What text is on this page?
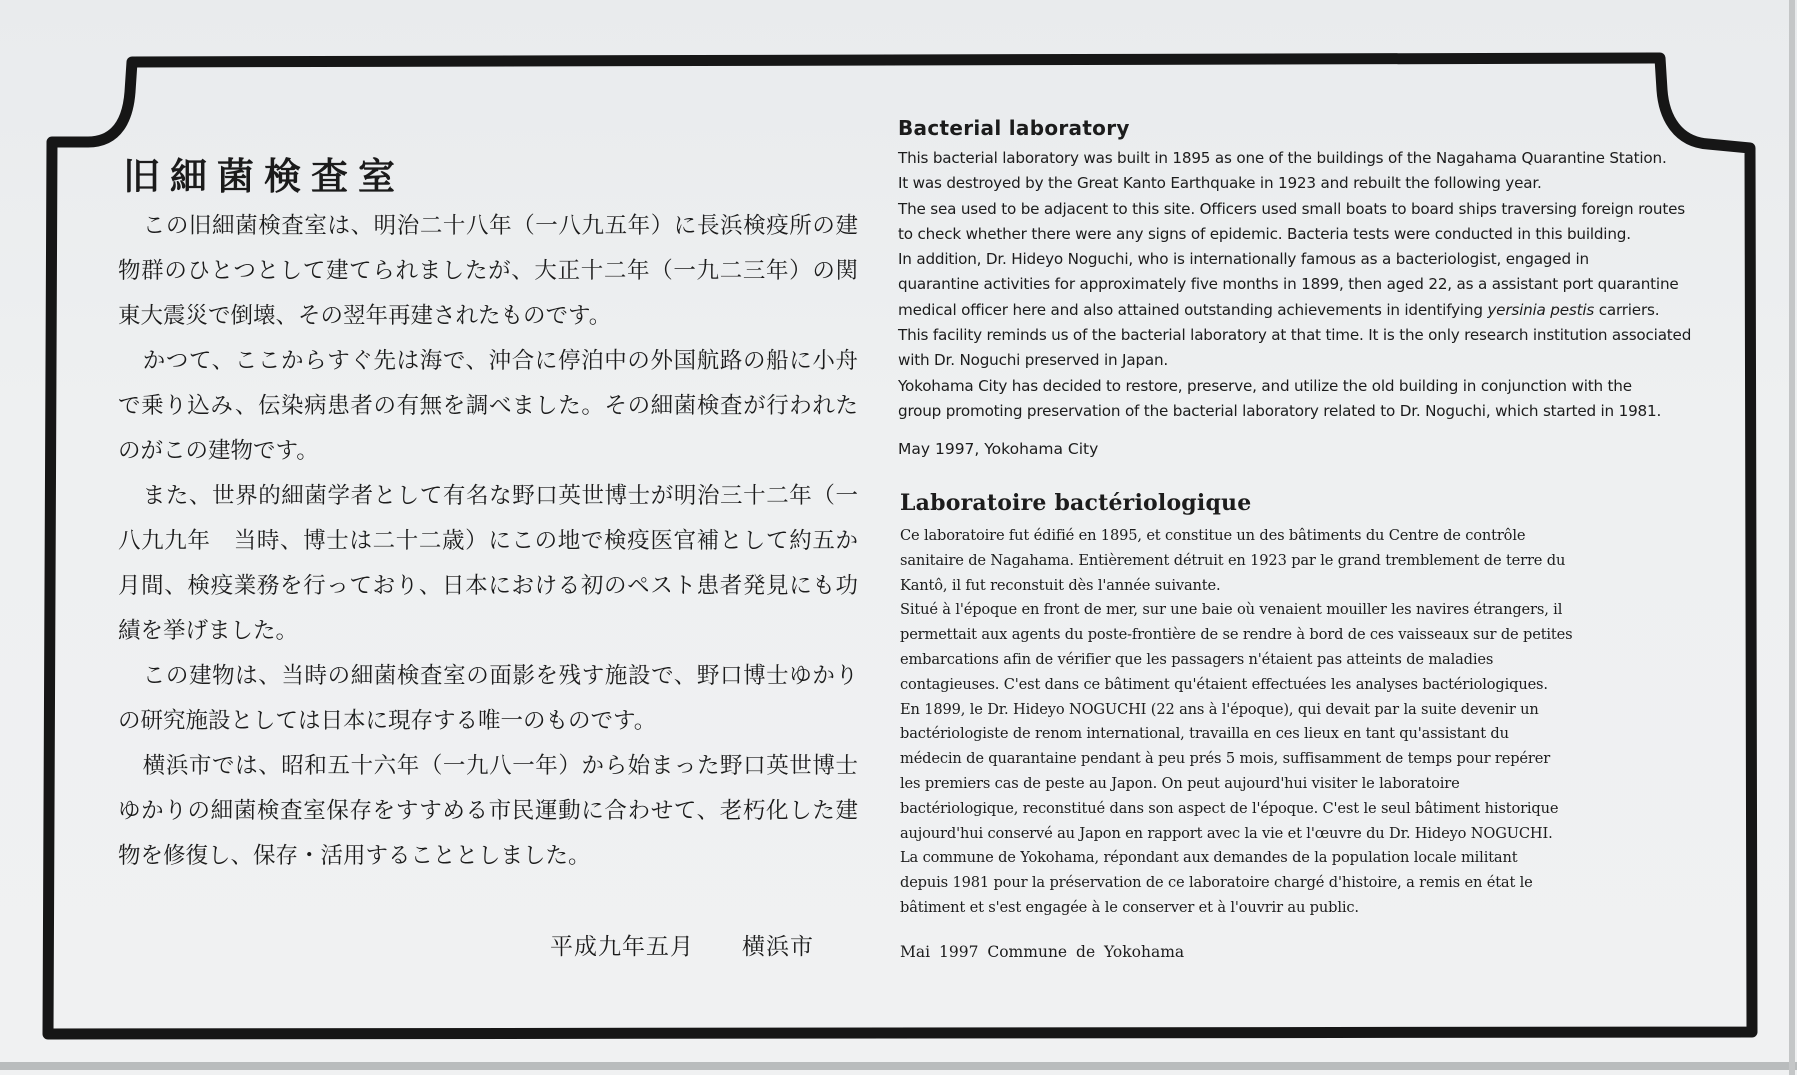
旧細菌検査室
この旧細菌検査室は、明治二十八年（一八九五年）に長浜検疫所の建物群のひとつとして建てられましたが、大正十二年（一九二三年）の関東大震災で倒壊、その翌年再建されたものです。
かつて、ここからすぐ先は海で、沖合に停泊中の外国航路の船に小舟で乗り込み、伝染病患者の有無を調べました。その細菌検査が行われたのがこの建物です。
また、世界的細菌学者として有名な野口英世博士が明治三十二年（一八九九年　当時、博士は二十二歳）にこの地で検疫医官補として約五か月間、検疫業務を行っており、日本における初のペスト患者発見にも功績を挙げました。
この建物は、当時の細菌検査室の面影を残す施設で、野口博士ゆかりの研究施設としては日本に現存する唯一のものです。
横浜市では、昭和五十六年（一九八一年）から始まった野口英世博士ゆかりの細菌検査室保存をすすめる市民運動に合わせて、老朽化した建物を修復し、保存・活用することとしました。
平成九年五月　　横浜市
Bacterial laboratory
This bacterial laboratory was built in 1895 as one of the buildings of the Nagahama Quarantine Station.
It was destroyed by the Great Kanto Earthquake in 1923 and rebuilt the following year.
The sea used to be adjacent to this site. Officers used small boats to board ships traversing foreign routes
to check whether there were any signs of epidemic. Bacteria tests were conducted in this building.
In addition, Dr. Hideyo Noguchi, who is internationally famous as a bacteriologist, engaged in
quarantine activities for approximately five months in 1899, then aged 22, as a assistant port quarantine
medical officer here and also attained outstanding achievements in identifying yersinia pestis carriers.
This facility reminds us of the bacterial laboratory at that time. It is the only research institution associated
with Dr. Noguchi preserved in Japan.
Yokohama City has decided to restore, preserve, and utilize the old building in conjunction with the
group promoting preservation of the bacterial laboratory related to Dr. Noguchi, which started in 1981.
May 1997, Yokohama City
Laboratoire bactériologique
Ce laboratoire fut édifié en 1895, et constitue un des bâtiments du Centre de contrôle
sanitaire de Nagahama. Entièrement détruit en 1923 par le grand tremblement de terre du
Kantô, il fut reconstuit dès l'année suivante.
Situé à l'époque en front de mer, sur une baie où venaient mouiller les navires étrangers, il
permettait aux agents du poste-frontière de se rendre à bord de ces vaisseaux sur de petites
embarcations afin de vérifier que les passagers n'étaient pas atteints de maladies
contagieuses. C'est dans ce bâtiment qu'étaient effectuées les analyses bactériologiques.
En 1899, le Dr. Hideyo NOGUCHI (22 ans à l'époque), qui devait par la suite devenir un
bactériologiste de renom international, travailla en ces lieux en tant qu'assistant du
médecin de quarantaine pendant à peu prés 5 mois, suffisamment de temps pour repérer
les premiers cas de peste au Japon. On peut aujourd'hui visiter le laboratoire
bactériologique, reconstitué dans son aspect de l'époque. C'est le seul bâtiment historique
aujourd'hui conservé au Japon en rapport avec la vie et l'œuvre du Dr. Hideyo NOGUCHI.
La commune de Yokohama, répondant aux demandes de la population locale militant
depuis 1981 pour la préservation de ce laboratoire chargé d'histoire, a remis en état le
bâtiment et s'est engagée à le conserver et à l'ouvrir au public.
Mai 1997 Commune de Yokohama
